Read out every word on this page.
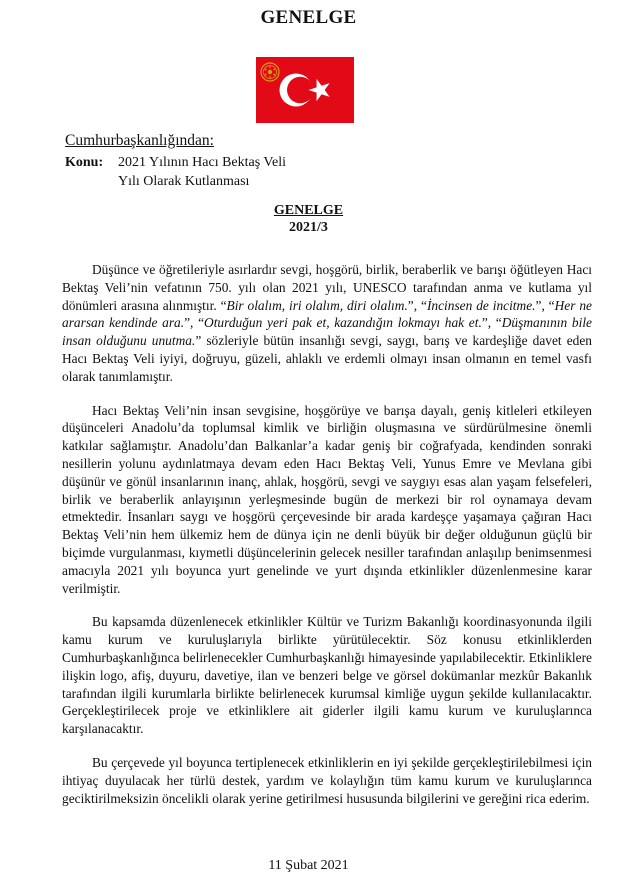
GENELGE
Cumhurbaşkanlığından:
Konu: 2021 Yılının Hacı Bektaş Veli
Yılı Olarak Kutlanması
GENELGE
2021/3

Düşünce ve öğretileriyle asırlardır sevgi, hoşgörü, birlik, beraberlik ve barışı öğütleyen Hacı Bektaş Veli’nin vefatının 750. yılı olan 2021 yılı, UNESCO tarafından anma ve kutlama yıl dönümleri arasına alınmıştır. “Bir olalım, iri olalım, diri olalım.”, “İncinsen de incitme.”, “Her ne ararsan kendinde ara.”, “Oturduğun yeri pak et, kazandığın lokmayı hak et.”, “Düşmanının bile insan olduğunu unutma.” sözleriyle bütün insanlığı sevgi, saygı, barış ve kardeşliğe davet eden Hacı Bektaş Veli iyiyi, doğruyu, güzeli, ahlaklı ve erdemli olmayı insan olmanın en temel vasfı olarak tanımlamıştır.

Hacı Bektaş Veli’nin insan sevgisine, hoşgörüye ve barışa dayalı, geniş kitleleri etkileyen düşünceleri Anadolu’da toplumsal kimlik ve birliğin oluşmasına ve sürdürülmesine önemli katkılar sağlamıştır. Anadolu’dan Balkanlar’a kadar geniş bir coğrafyada, kendinden sonraki nesillerin yolunu aydınlatmaya devam eden Hacı Bektaş Veli, Yunus Emre ve Mevlana gibi düşünür ve gönül insanlarının inanç, ahlak, hoşgörü, sevgi ve saygıyı esas alan yaşam felsefeleri, birlik ve beraberlik anlayışının yerleşmesinde bugün de merkezi bir rol oynamaya devam etmektedir. İnsanları saygı ve hoşgörü çerçevesinde bir arada kardeşçe yaşamaya çağıran Hacı Bektaş Veli’nin hem ülkemiz hem de dünya için ne denli büyük bir değer olduğunun güçlü bir biçimde vurgulanması, kıymetli düşüncelerinin gelecek nesiller tarafından anlaşılıp benimsenmesi amacıyla 2021 yılı boyunca yurt genelinde ve yurt dışında etkinlikler düzenlenmesine karar verilmiştir.

Bu kapsamda düzenlenecek etkinlikler Kültür ve Turizm Bakanlığı koordinasyonunda ilgili kamu kurum ve kuruluşlarıyla birlikte yürütülecektir. Söz konusu etkinliklerden Cumhurbaşkanlığınca belirlenecekler Cumhurbaşkanlığı himayesinde yapılabilecektir. Etkinliklere ilişkin logo, afiş, duyuru, davetiye, ilan ve benzeri belge ve görsel dokümanlar mezkûr Bakanlık tarafından ilgili kurumlarla birlikte belirlenecek kurumsal kimliğe uygun şekilde kullanılacaktır. Gerçekleştirilecek proje ve etkinliklere ait giderler ilgili kamu kurum ve kuruluşlarınca karşılanacaktır.

Bu çerçevede yıl boyunca tertiplenecek etkinliklerin en iyi şekilde gerçekleştirilebilmesi için ihtiyaç duyulacak her türlü destek, yardım ve kolaylığın tüm kamu kurum ve kuruluşlarınca geciktirilmeksizin öncelikli olarak yerine getirilmesi hususunda bilgilerini ve gereğini rica ederim.

11 Şubat 2021
